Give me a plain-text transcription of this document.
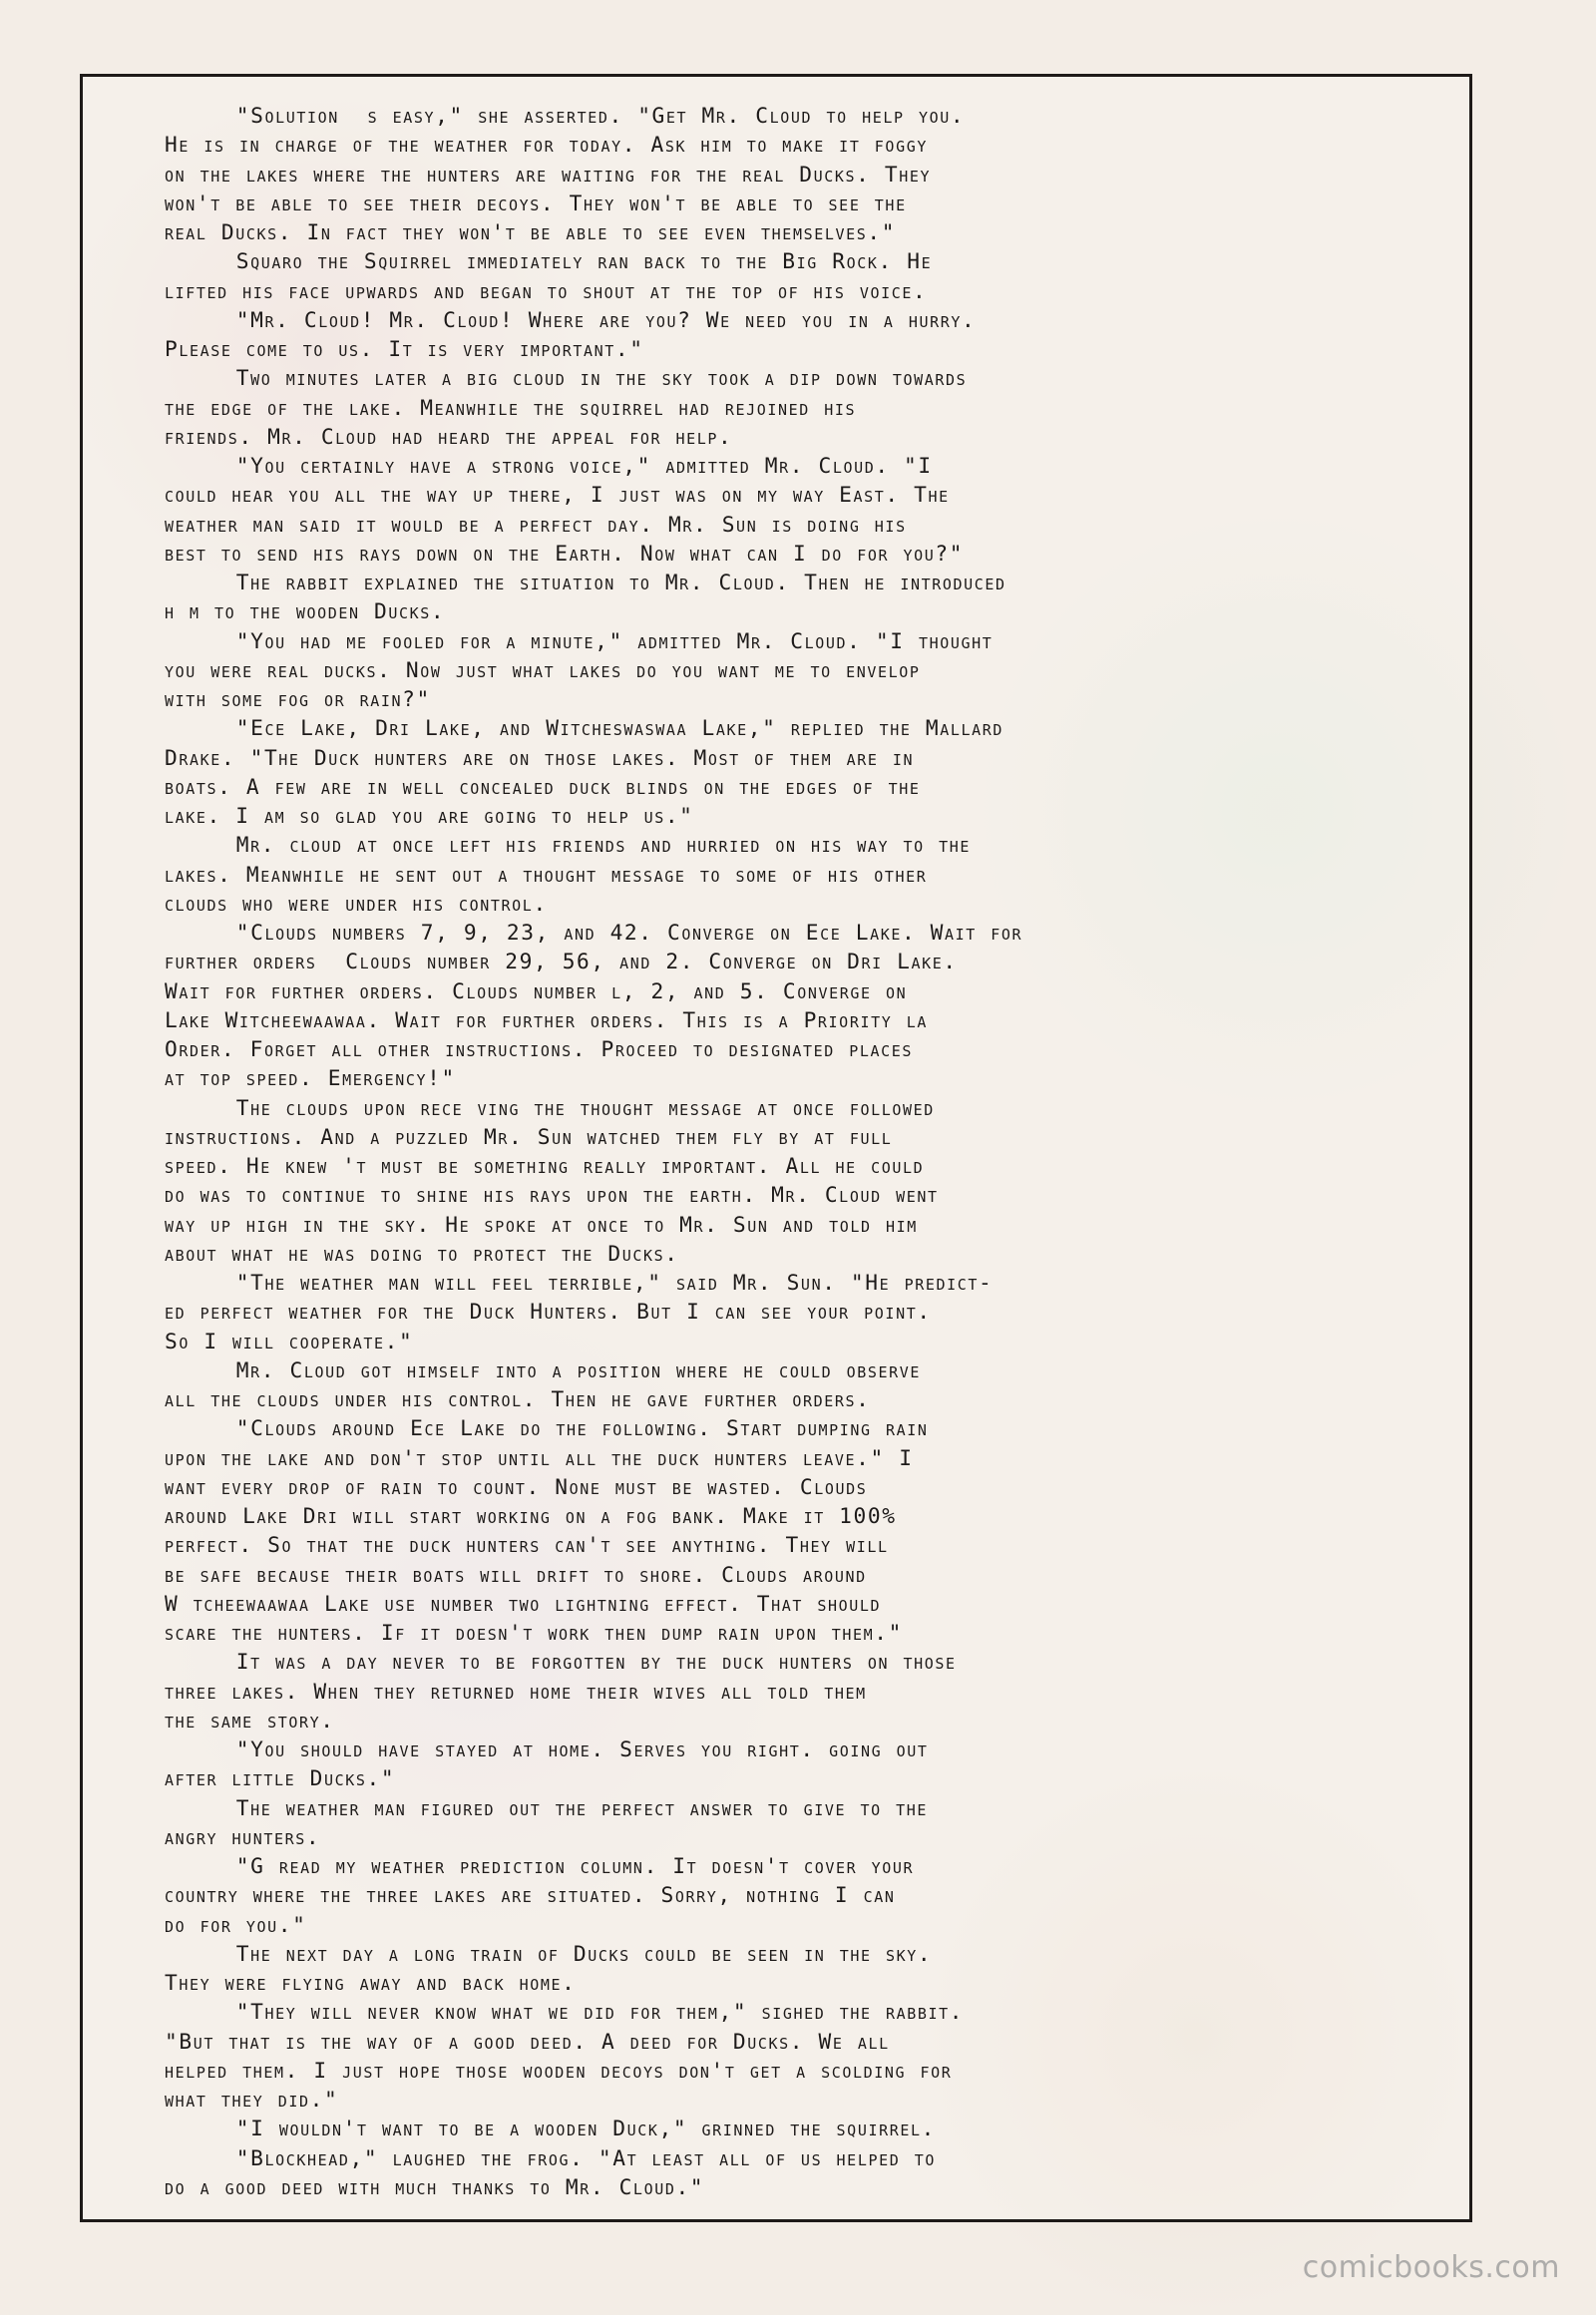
"Solution  s easy," she asserted. "Get Mr. Cloud to help you.
He is in charge of the weather for today. Ask him to make it foggy
on the lakes where the hunters are waiting for the real Ducks. They
won't be able to see their decoys. They won't be able to see the
real Ducks. In fact they won't be able to see even themselves."
Squaro the Squirrel immediately ran back to the Big Rock. He
lifted his face upwards and began to shout at the top of his voice.
"Mr. Cloud! Mr. Cloud! Where are you? We need you in a hurry.
Please come to us. It is very important."
Two minutes later a big cloud in the sky took a dip down towards
the edge of the lake. Meanwhile the squirrel had rejoined his
friends. Mr. Cloud had heard the appeal for help.
"You certainly have a strong voice," admitted Mr. Cloud. "I
could hear you all the way up there, I just was on my way East. The
weather man said it would be a perfect day. Mr. Sun is doing his
best to send his rays down on the Earth. Now what can I do for you?"
The rabbit explained the situation to Mr. Cloud. Then he introduced
h m to the wooden Ducks.
"You had me fooled for a minute," admitted Mr. Cloud. "I thought
you were real ducks. Now just what lakes do you want me to envelop
with some fog or rain?"
"Ece Lake, Dri Lake, and Witcheswaswaa Lake," replied the Mallard
Drake. "The Duck hunters are on those lakes. Most of them are in
boats. A few are in well concealed duck blinds on the edges of the
lake. I am so glad you are going to help us."
Mr. cloud at once left his friends and hurried on his way to the
lakes. Meanwhile he sent out a thought message to some of his other
clouds who were under his control.
"Clouds numbers 7, 9, 23, and 42. Converge on Ece Lake. Wait for
further orders  Clouds number 29, 56, and 2. Converge on Dri Lake.
Wait for further orders. Clouds number l, 2, and 5. Converge on
Lake Witcheewaawaa. Wait for further orders. This is a Priority la
Order. Forget all other instructions. Proceed to designated places
at top speed. Emergency!"
The clouds upon rece ving the thought message at once followed
instructions. And a puzzled Mr. Sun watched them fly by at full
speed. He knew 't must be something really important. All he could
do was to continue to shine his rays upon the earth. Mr. Cloud went
way up high in the sky. He spoke at once to Mr. Sun and told him
about what he was doing to protect the Ducks.
"The weather man will feel terrible," said Mr. Sun. "He predict-
ed perfect weather for the Duck Hunters. But I can see your point.
So I will cooperate."
Mr. Cloud got himself into a position where he could observe
all the clouds under his control. Then he gave further orders.
"Clouds around Ece Lake do the following. Start dumping rain
upon the lake and don't stop until all the duck hunters leave." I
want every drop of rain to count. None must be wasted. Clouds
around Lake Dri will start working on a fog bank. Make it 100%
perfect. So that the duck hunters can't see anything. They will
be safe because their boats will drift to shore. Clouds around
W tcheewaawaa Lake use number two lightning effect. That should
scare the hunters. If it doesn't work then dump rain upon them."
It was a day never to be forgotten by the duck hunters on those
three lakes. When they returned home their wives all told them
the same story.
"You should have stayed at home. Serves you right. going out
after little Ducks."
The weather man figured out the perfect answer to give to the
angry hunters.
"G read my weather prediction column. It doesn't cover your
country where the three lakes are situated. Sorry, nothing I can
do for you."
The next day a long train of Ducks could be seen in the sky.
They were flying away and back home.
"They will never know what we did for them," sighed the rabbit.
"But that is the way of a good deed. A deed for Ducks. We all
helped them. I just hope those wooden decoys don't get a scolding for
what they did."
"I wouldn't want to be a wooden Duck," grinned the squirrel.
"Blockhead," laughed the frog. "At least all of us helped to
do a good deed with much thanks to Mr. Cloud."
comicbooks.com
